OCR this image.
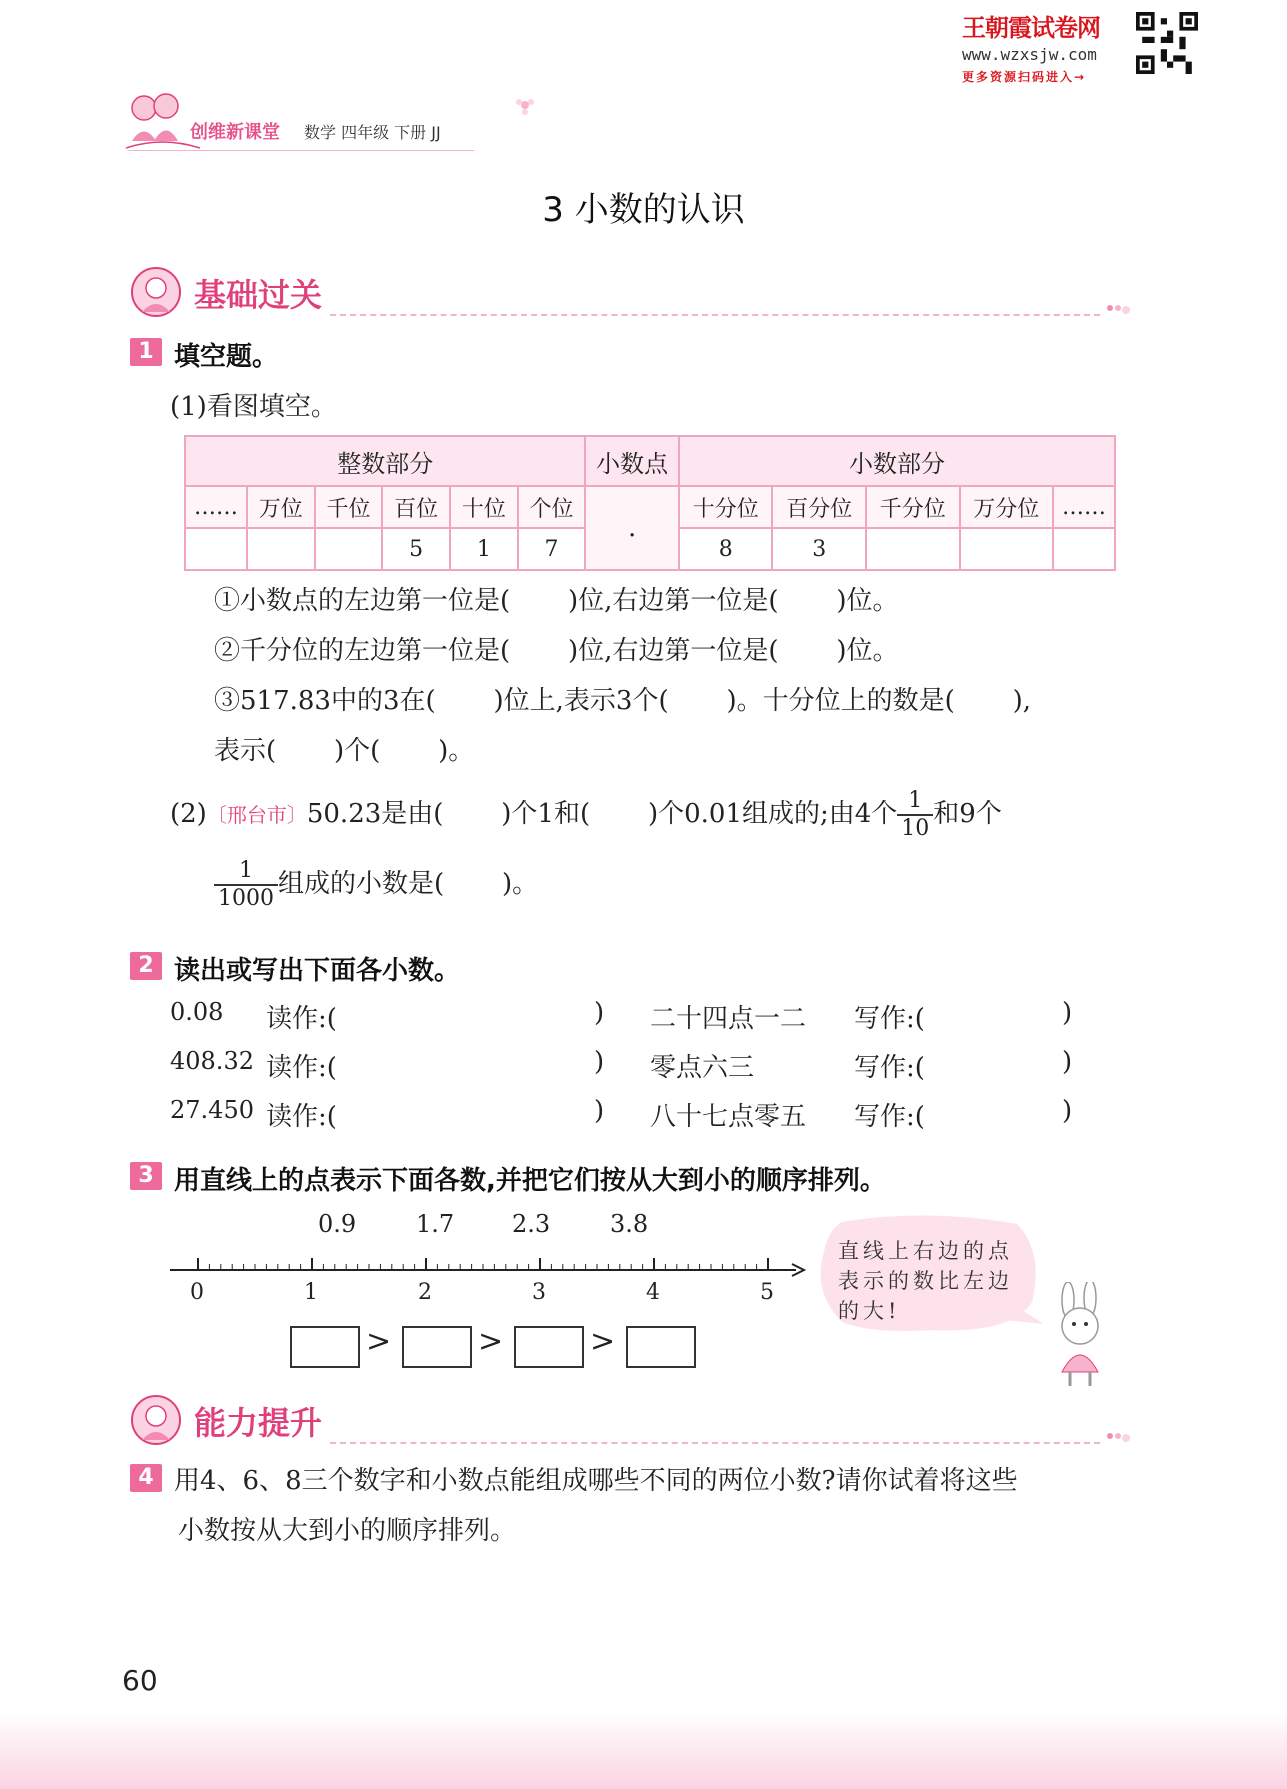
王朝霞试卷网
www.wzxsjw.com
更多资源扫码进入→
创维新课堂 数学 四年级 下册 JJ
3 小数的认识
基础过关
1 填空题。
(1)看图填空。
整数部分						小数点	小数部分				
……	万位	千位	百位	十位	个位	.	十分位	百分位	千分位	万分位	……
			5	1	7		8	3			
①小数点的左边第一位是(       )位,右边第一位是(       )位。
②千分位的左边第一位是(       )位,右边第一位是(       )位。
③517.83中的3在(       )位上,表示3个(       )。十分位上的数是(       ),
表示(       )个(       )。
(2)〔邢台市〕50.23是由(       )个1和(       )个0.01组成的;由4个 $\frac{1}{10}$ 和9个
$\frac{1}{1000}$ 组成的小数是(       )。
2 读出或写出下面各小数。
0.08 读作:(	) 二十四点一二 写作:(	)
408.32 读作:(	) 零点六三	写作:(	)
27.450 读作:(	) 八十七点零五 写作:(	)
3 用直线上的点表示下面各数,并把它们按从大到小的顺序排列。
0.9 1.7 2.3 3.8
0	1	2	3	4	5
>	>	>
直线上右边的点表示的数比左边的大!
能力提升
4 用4、6、8三个数字和小数点能组成哪些不同的两位小数?请你试着将这些
小数按从大到小的顺序排列。
60
